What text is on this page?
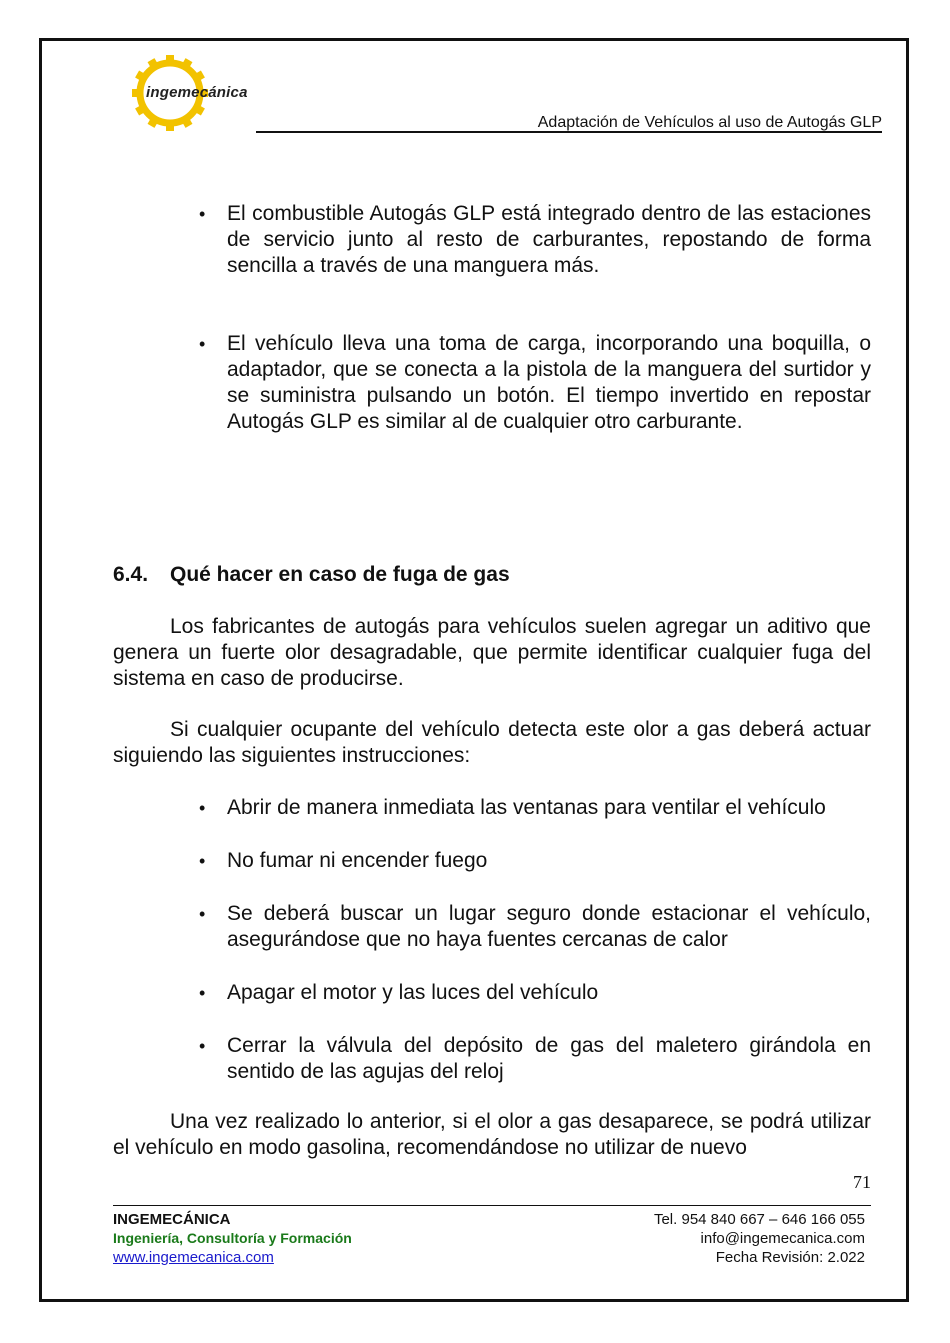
ingemecánica
Adaptación de Vehículos al uso de Autogás GLP
• El combustible Autogás GLP está integrado dentro de las estaciones de servicio junto al resto de carburantes, repostando de forma sencilla a través de una manguera más.
• El vehículo lleva una toma de carga, incorporando una boquilla, o adaptador, que se conecta a la pistola de la manguera del surtidor y se suministra pulsando un botón. El tiempo invertido en repostar Autogás GLP es similar al de cualquier otro carburante.
6.4. Qué hacer en caso de fuga de gas
Los fabricantes de autogás para vehículos suelen agregar un aditivo que genera un fuerte olor desagradable, que permite identificar cualquier fuga del sistema en caso de producirse.
Si cualquier ocupante del vehículo detecta este olor a gas deberá actuar siguiendo las siguientes instrucciones:
• Abrir de manera inmediata las ventanas para ventilar el vehículo
• No fumar ni encender fuego
• Se deberá buscar un lugar seguro donde estacionar el vehículo, asegurándose que no haya fuentes cercanas de calor
• Apagar el motor y las luces del vehículo
• Cerrar la válvula del depósito de gas del maletero girándola en sentido de las agujas del reloj
Una vez realizado lo anterior, si el olor a gas desaparece, se podrá utilizar el vehículo en modo gasolina, recomendándose no utilizar de nuevo
71
INGEMECÁNICA
Ingeniería, Consultoría y Formación
www.ingemecanica.com
Tel. 954 840 667 – 646 166 055
info@ingemecanica.com
Fecha Revisión: 2.022
